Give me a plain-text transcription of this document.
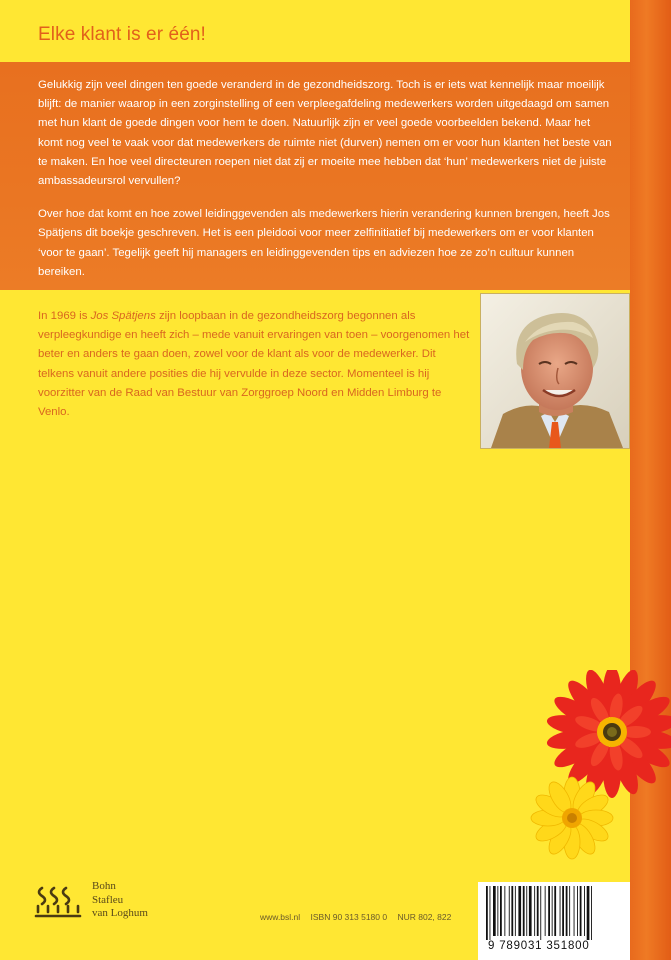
Elke klant is er één!

Gelukkig zijn veel dingen ten goede veranderd in de gezondheidszorg. Toch is er iets wat kennelijk maar moeilijk blijft: de manier waarop in een zorginstelling of een verpleegafdeling medewerkers worden uitgedaagd om samen met hun klant de goede dingen voor hem te doen. Natuurlijk zijn er veel goede voorbeelden bekend. Maar het komt nog veel te vaak voor dat medewerkers de ruimte niet (durven) nemen om er voor hun klanten het beste van te maken. En hoe veel directeuren roepen niet dat zij er moeite mee hebben dat ‘hun’ medewerkers niet de juiste ambassadeursrol vervullen?

Over hoe dat komt en hoe zowel leidinggevenden als medewerkers hierin verandering kunnen brengen, heeft Jos Spätjens dit boekje geschreven. Het is een pleidooi voor meer zelfinitiatief bij medewerkers om er voor klanten ‘voor te gaan’. Tegelijk geeft hij managers en leidinggevenden tips en adviezen hoe ze zo’n cultuur kunnen bereiken.

In 1969 is Jos Spätjens zijn loopbaan in de gezondheidszorg begonnen als verpleegkundige en heeft zich – mede vanuit ervaringen van toen – voorgenomen het beter en anders te gaan doen, zowel voor de klant als voor de medewerker. Dit telkens vanuit andere posities die hij vervulde in deze sector. Momenteel is hij voorzitter van de Raad van Bestuur van Zorggroep Noord en Midden Limburg te Venlo.

Bohn
Stafleu
van Loghum	www.bsl.nl ISBN 90 313 5180 0 NUR 802, 822
9 789031 351800
